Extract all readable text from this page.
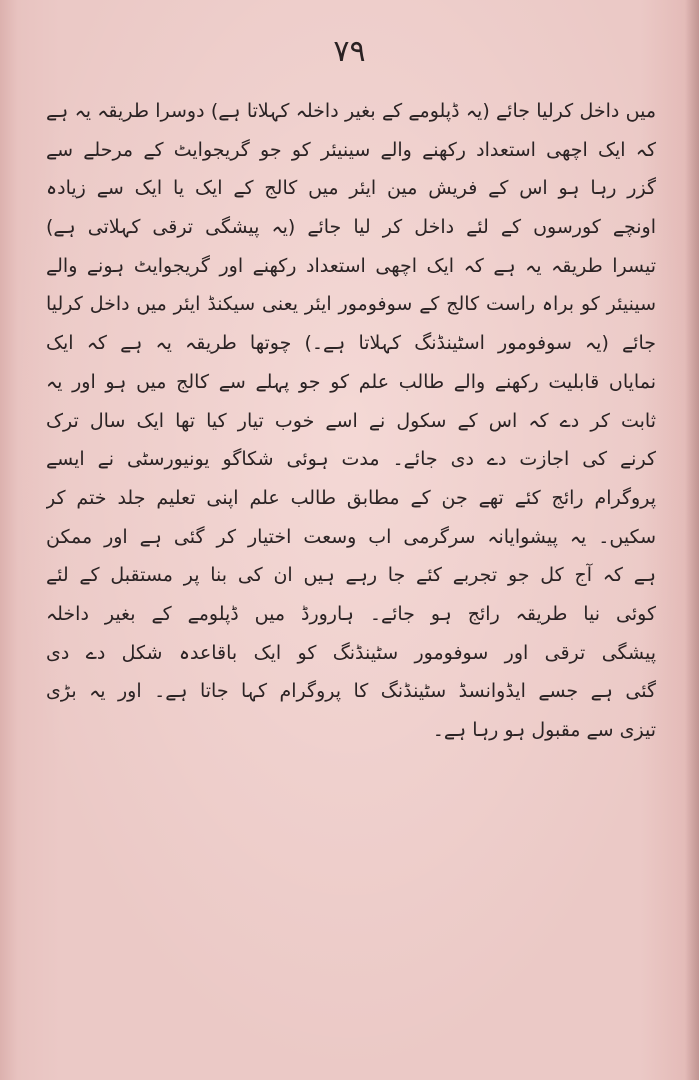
۷۹
میں داخل کرلیا جائے (یہ ڈپلومے کے بغیر داخلہ کہلاتا ہے) دوسرا طریقہ یہ ہے
کہ ایک اچھی استعداد رکھنے والے سینیئر کو جو گریجوایٹ کے مرحلے سے
گزر رہا ہو اس کے فریش مین ایئر میں کالج کے ایک یا ایک سے زیادہ
اونچے کورسوں کے لئے داخل کر لیا جائے (یہ پیشگی ترقی کہلاتی ہے)
تیسرا طریقہ یہ ہے کہ ایک اچھی استعداد رکھنے اور گریجوایٹ ہونے والے
سینیئر کو براہ راست کالج کے سوفومور ایئر یعنی سیکنڈ ایئر میں داخل کرلیا
جائے (یہ سوفومور اسٹینڈنگ کہلاتا ہے۔) چوتھا طریقہ یہ ہے کہ ایک
نمایاں قابلیت رکھنے والے طالب علم کو جو پہلے سے کالج میں ہو اور یہ
ثابت کر دے کہ اس کے سکول نے اسے خوب تیار کیا تھا ایک سال ترک
کرنے کی اجازت دے دی جائے۔ مدت ہوئی شکاگو یونیورسٹی نے ایسے
پروگرام رائج کئے تھے جن کے مطابق طالب علم اپنی تعلیم جلد ختم کر
سکیں۔ یہ پیشوایانہ سرگرمی اب وسعت اختیار کر گئی ہے اور ممکن
ہے کہ آج کل جو تجربے کئے جا رہے ہیں ان کی بنا پر مستقبل کے لئے
کوئی نیا طریقہ رائج ہو جائے۔ ہارورڈ میں ڈپلومے کے بغیر داخلہ
پیشگی ترقی اور سوفومور سٹینڈنگ کو ایک باقاعدہ شکل دے دی
گئی ہے جسے ایڈوانسڈ سٹینڈنگ کا پروگرام کہا جاتا ہے۔ اور یہ بڑی
تیزی سے مقبول ہو رہا ہے۔
